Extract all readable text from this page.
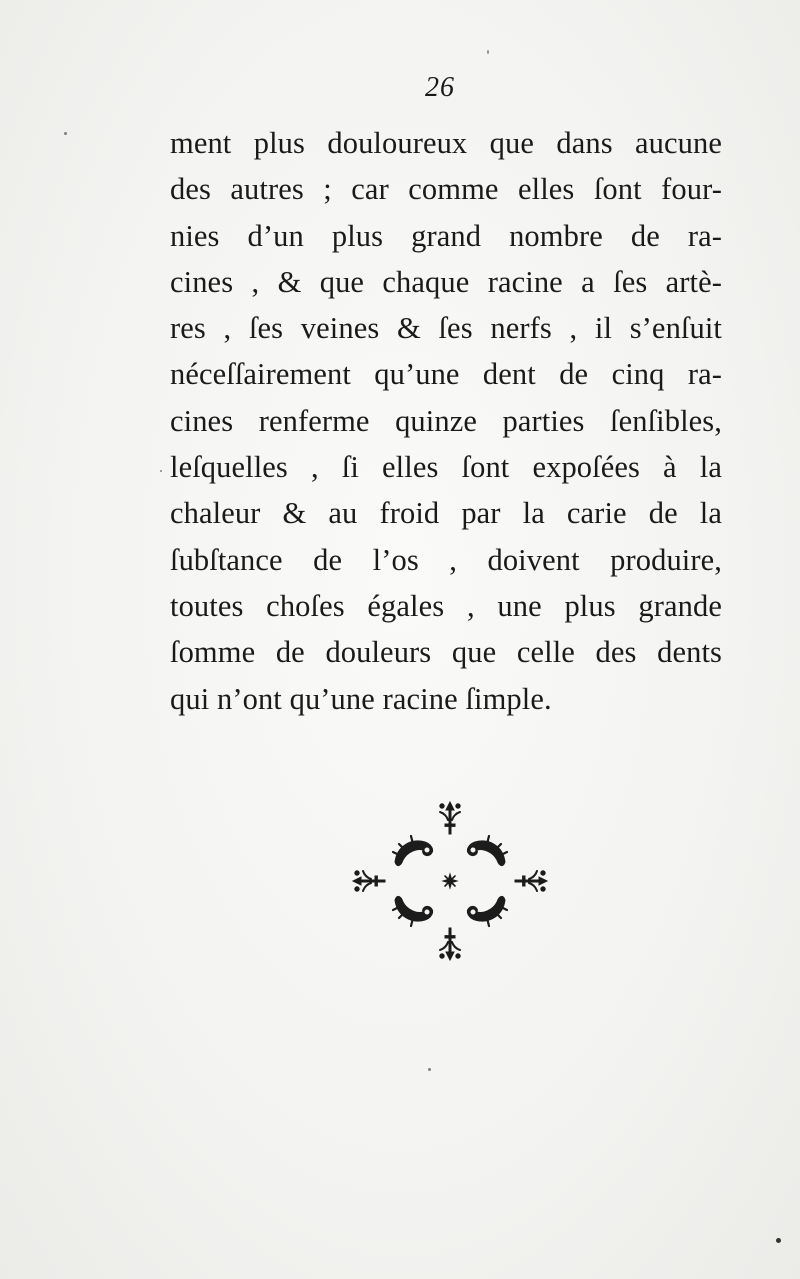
26
ment plus douloureux que dans aucune
des autres ; car comme elles ſont four-
nies d’un plus grand nombre de ra-
cines , & que chaque racine a ſes artè-
res , ſes veines & ſes nerfs , il s’enſuit
néceſſairement qu’une dent de cinq ra-
cines renferme quinze parties ſenſibles,
leſquelles , ſi elles ſont expoſées à la
chaleur & au froid par la carie de la
ſubſtance de l’os , doivent produire,
toutes choſes égales , une plus grande
ſomme de douleurs que celle des dents
qui n’ont qu’une racine ſimple.
